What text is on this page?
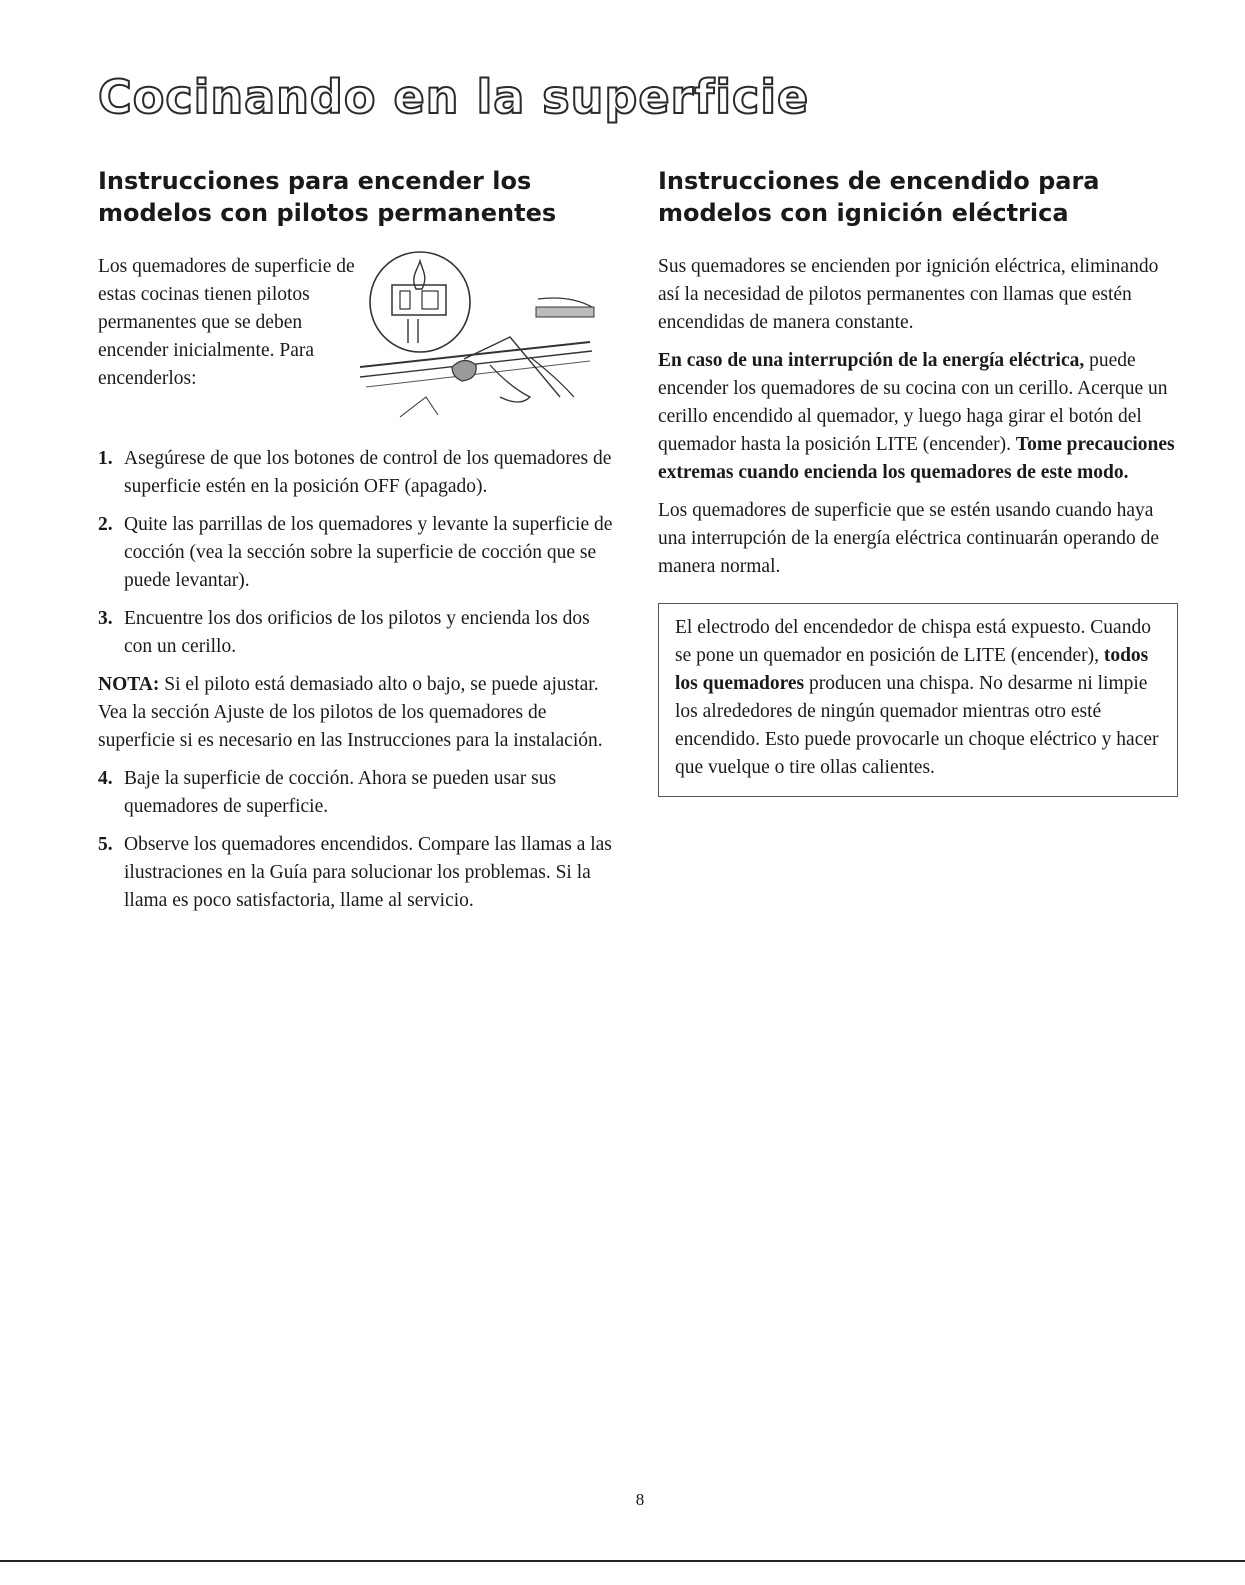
Cocinando en la superficie
Instrucciones para encender los modelos con pilotos permanentes
Los quemadores de superficie de estas cocinas tienen pilotos permanentes que se deben encender inicialmente. Para encenderlos:
1. Asegúrese de que los botones de control de los quemadores de superficie estén en la posición OFF (apagado).
2. Quite las parrillas de los quemadores y levante la superficie de cocción (vea la sección sobre la superficie de cocción que se puede levantar).
3. Encuentre los dos orificios de los pilotos y encienda los dos con un cerillo.

NOTA: Si el piloto está demasiado alto o bajo, se puede ajustar. Vea la sección Ajuste de los pilotos de los quemadores de superficie si es necesario en las Instrucciones para la instalación.

4. Baje la superficie de cocción. Ahora se pueden usar sus quemadores de superficie.
5. Observe los quemadores encendidos. Compare las llamas a las ilustraciones en la Guía para solucionar los problemas. Si la llama es poco satisfactoria, llame al servicio.
Instrucciones de encendido para modelos con ignición eléctrica

Sus quemadores se encienden por ignición eléctrica, eliminando así la necesidad de pilotos permanentes con llamas que estén encendidas de manera constante.

En caso de una interrupción de la energía eléctrica, puede encender los quemadores de su cocina con un cerillo. Acerque un cerillo encendido al quemador, y luego haga girar el botón del quemador hasta la posición LITE (encender). Tome precauciones extremas cuando encienda los quemadores de este modo.

Los quemadores de superficie que se estén usando cuando haya una interrupción de la energía eléctrica continuarán operando de manera normal.

El electrodo del encendedor de chispa está expuesto. Cuando se pone un quemador en posición de LITE (encender), todos los quemadores producen una chispa. No desarme ni limpie los alrededores de ningún quemador mientras otro esté encendido. Esto puede provocarle un choque eléctrico y hacer que vuelque o tire ollas calientes.
8
